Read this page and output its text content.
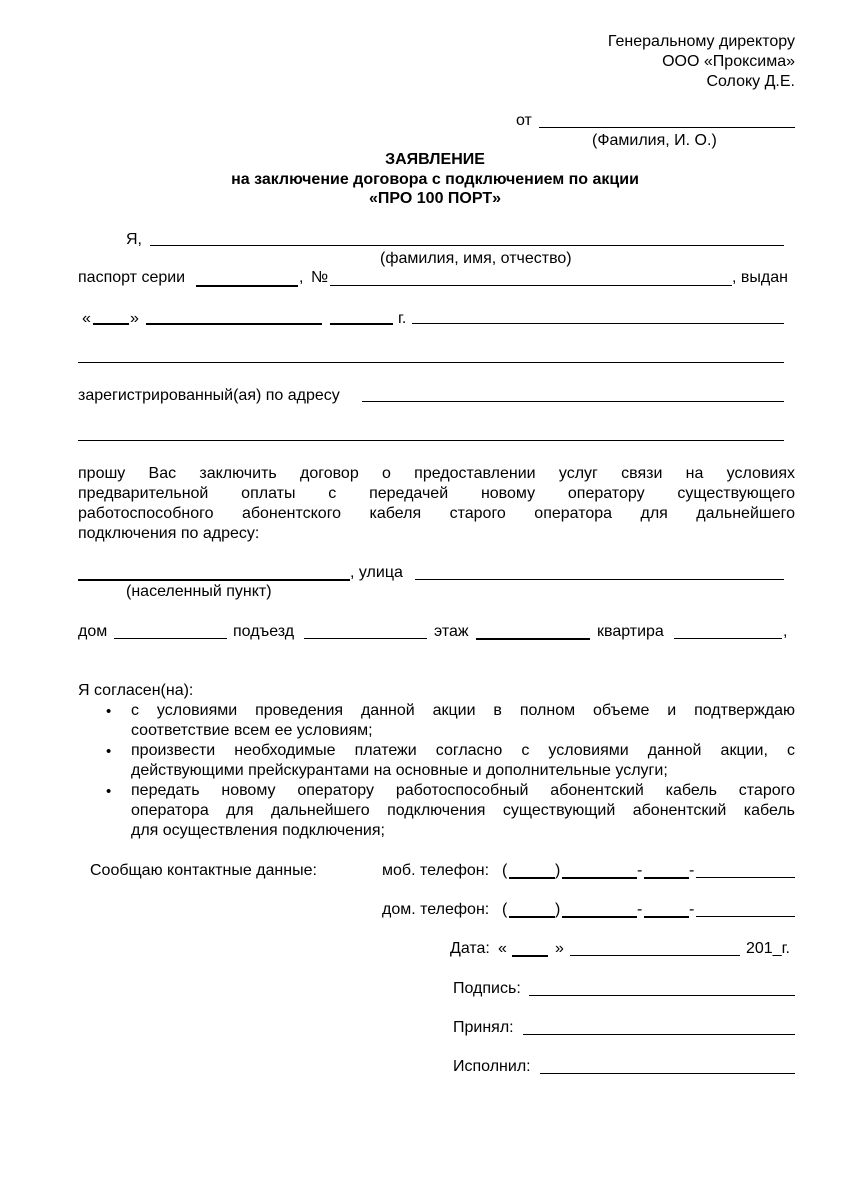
Генеральному директору
ООО «Проксима»
Солоку Д.Е.
от
(Фамилия, И. О.)
ЗАЯВЛЕНИЕ
на заключение договора с подключением по акции
«ПРО 100 ПОРТ»
Я,
(фамилия, имя, отчество)
паспорт серии	, №	, выдан
« »	г.
зарегистрированный(ая) по адресу
прошу Вас заключить договор о предоставлении услуг связи на условиях
предварительной оплаты с передачей новому оператору существующего
работоспособного абонентского кабеля старого оператора для дальнейшего
подключения по адресу:
, улица
(населенный пункт)
дом	подъезд	этаж	квартира	,
Я согласен(на):
• с условиями проведения данной акции в полном объеме и подтверждаю
соответствие всем ее условиям;
• произвести необходимые платежи согласно с условиями данной акции, с
действующими прейскурантами на основные и дополнительные услуги;
• передать новому оператору работоспособный абонентский кабель старого
оператора для дальнейшего подключения существующий абонентский кабель
для осуществления подключения;
Сообщаю контактные данные:	моб. телефон: (	)	-	-
дом. телефон: (	)	-	-
Дата: «	»	201_г.
Подпись:
Принял:
Исполнил:
